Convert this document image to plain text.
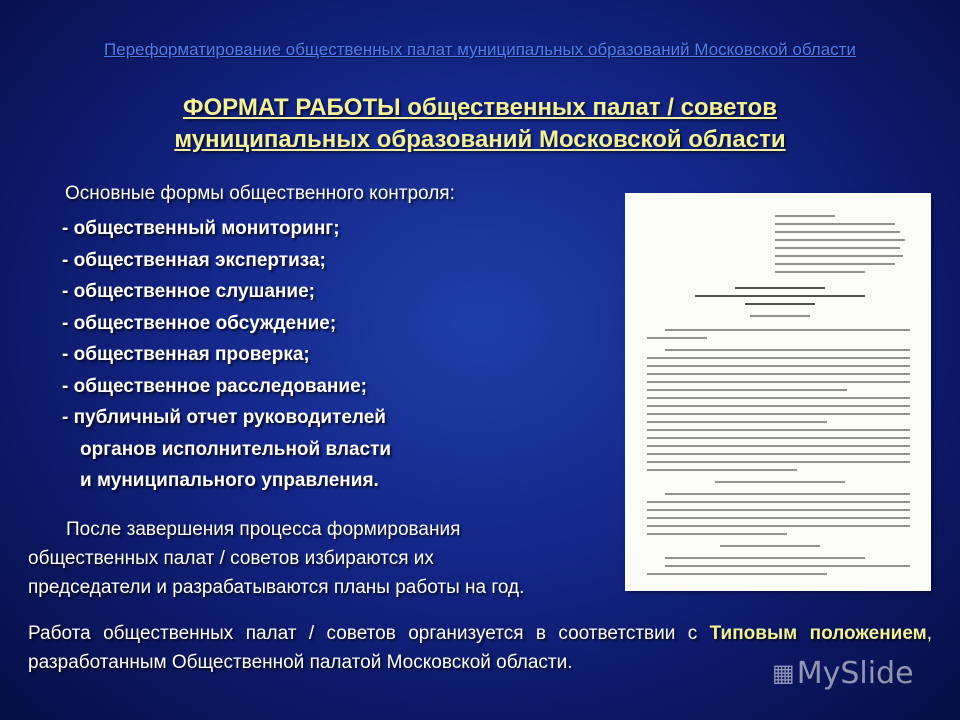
Переформатирование общественных палат муниципальных образований Московской области
ФОРМАТ РАБОТЫ общественных палат / советов
муниципальных образований Московской области
Основные формы общественного контроля:
- общественный мониторинг;
- общественная экспертиза;
- общественное слушание;
- общественное обсуждение;
- общественная проверка;
- общественное расследование;
- публичный отчет руководителей
органов исполнительной власти
и муниципального управления.
После завершения процесса формирования
общественных палат / советов избираются их
председатели и разрабатываются планы работы на год.
Работа общественных палат / советов организуется в соответствии с Типовым положением, разработанным Общественной палатой Московской области.	▦MySlide
